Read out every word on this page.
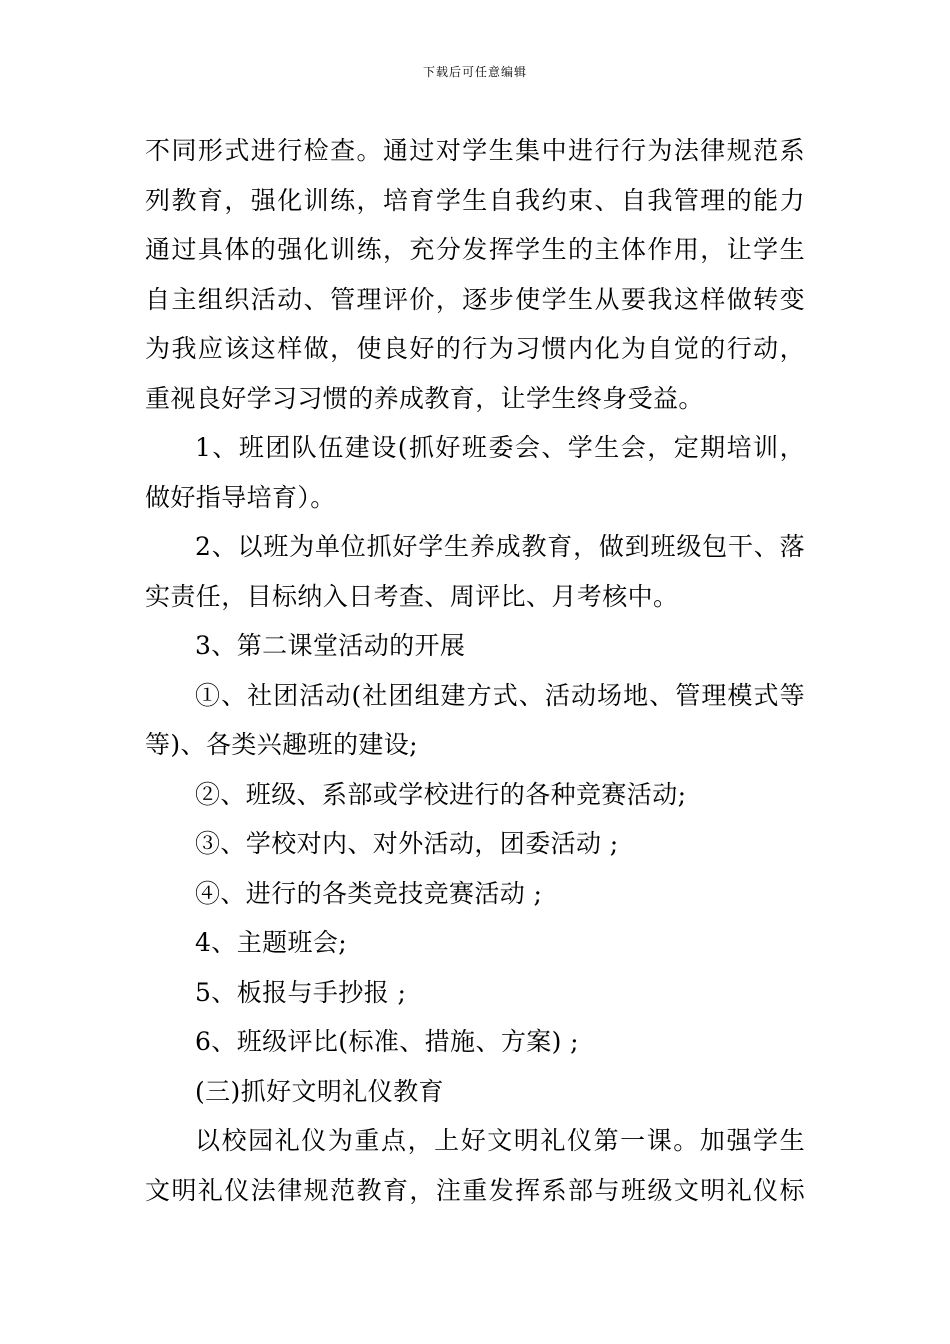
下载后可任意编辑
不同形式进行检查。通过对学生集中进行行为法律规范系
列教育，强化训练，培育学生自我约束、自我管理的能力
通过具体的强化训练，充分发挥学生的主体作用，让学生
自主组织活动、管理评价，逐步使学生从要我这样做转变
为我应该这样做，使良好的行为习惯内化为自觉的行动，
重视良好学习习惯的养成教育，让学生终身受益。
1、班团队伍建设(抓好班委会、学生会，定期培训，
做好指导培育）。
2、以班为单位抓好学生养成教育，做到班级包干、落
实责任，目标纳入日考查、周评比、月考核中。
3、第二课堂活动的开展
①、社团活动(社团组建方式、活动场地、管理模式等
等)、各类兴趣班的建设;
②、班级、系部或学校进行的各种竞赛活动;
③、学校对内、对外活动，团委活动 ;
④、进行的各类竞技竞赛活动 ;
4、主题班会;
5、板报与手抄报 ;
6、班级评比(标准、措施、方案) ;
(三)抓好文明礼仪教育
以校园礼仪为重点，上好文明礼仪第一课。加强学生
文明礼仪法律规范教育，注重发挥系部与班级文明礼仪标
